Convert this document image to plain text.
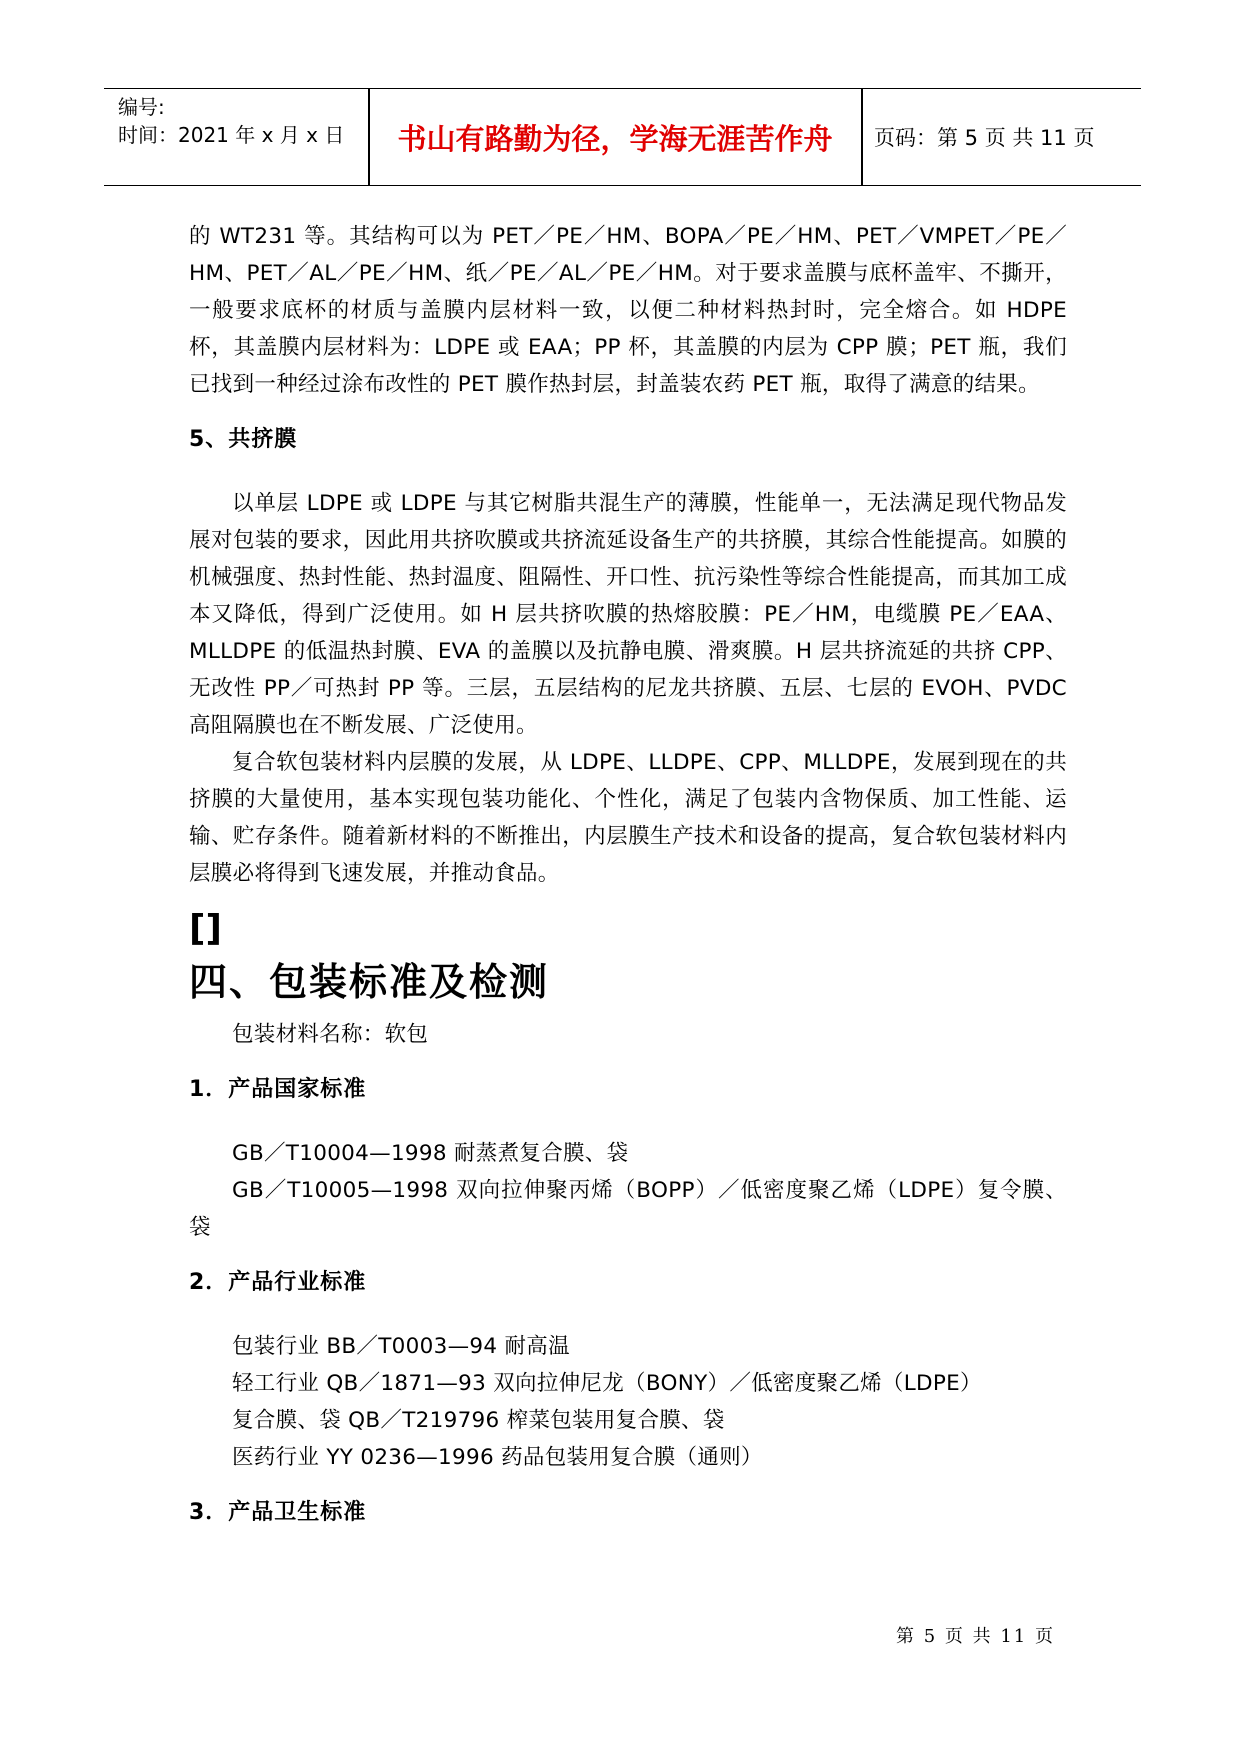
编号:
时间：2021 年 x 月 x 日	书山有路勤为径，学海无涯苦作舟	页码：第 5 页 共 11 页

的 WT231 等。其结构可以为 PET／PE／HM、BOPA／PE／HM、PET／VMPET／PE／HM、PET／AL／PE／HM、纸／PE／AL／PE／HM。对于要求盖膜与底杯盖牢、不撕开，一般要求底杯的材质与盖膜内层材料一致，以便二种材料热封时，完全熔合。如 HDPE 杯，其盖膜内层材料为：LDPE 或 EAA；PP 杯，其盖膜的内层为 CPP 膜；PET 瓶，我们已找到一种经过涂布改性的 PET 膜作热封层，封盖装农药 PET 瓶，取得了满意的结果。

5、共挤膜

以单层 LDPE 或 LDPE 与其它树脂共混生产的薄膜，性能单一，无法满足现代物品发展对包装的要求，因此用共挤吹膜或共挤流延设备生产的共挤膜，其综合性能提高。如膜的机械强度、热封性能、热封温度、阻隔性、开口性、抗污染性等综合性能提高，而其加工成本又降低，得到广泛使用。如 H 层共挤吹膜的热熔胶膜：PE／HM，电缆膜 PE／EAA、MLLDPE 的低温热封膜、EVA 的盖膜以及抗静电膜、滑爽膜。H 层共挤流延的共挤 CPP、无改性 PP／可热封 PP 等。三层，五层结构的尼龙共挤膜、五层、七层的 EVOH、PVDC 高阻隔膜也在不断发展、广泛使用。

复合软包装材料内层膜的发展，从 LDPE、LLDPE、CPP、MLLDPE，发展到现在的共挤膜的大量使用，基本实现包装功能化、个性化，满足了包装内含物保质、加工性能、运输、贮存条件。随着新材料的不断推出，内层膜生产技术和设备的提高，复合软包装材料内层膜必将得到飞速发展，并推动食品。

[]
四、包装标准及检测

包装材料名称：软包

1．产品国家标准

GB／T10004—1998 耐蒸煮复合膜、袋

GB／T10005—1998 双向拉伸聚丙烯（BOPP）／低密度聚乙烯（LDPE）复令膜、袋

2．产品行业标准

包装行业 BB／T0003—94 耐高温

轻工行业 QB／1871—93 双向拉伸尼龙（BONY）／低密度聚乙烯（LDPE）

复合膜、袋 QB／T219796 榨菜包装用复合膜、袋

医药行业 YY 0236—1996 药品包装用复合膜（通则）

3．产品卫生标准
第 5 页 共 11 页
